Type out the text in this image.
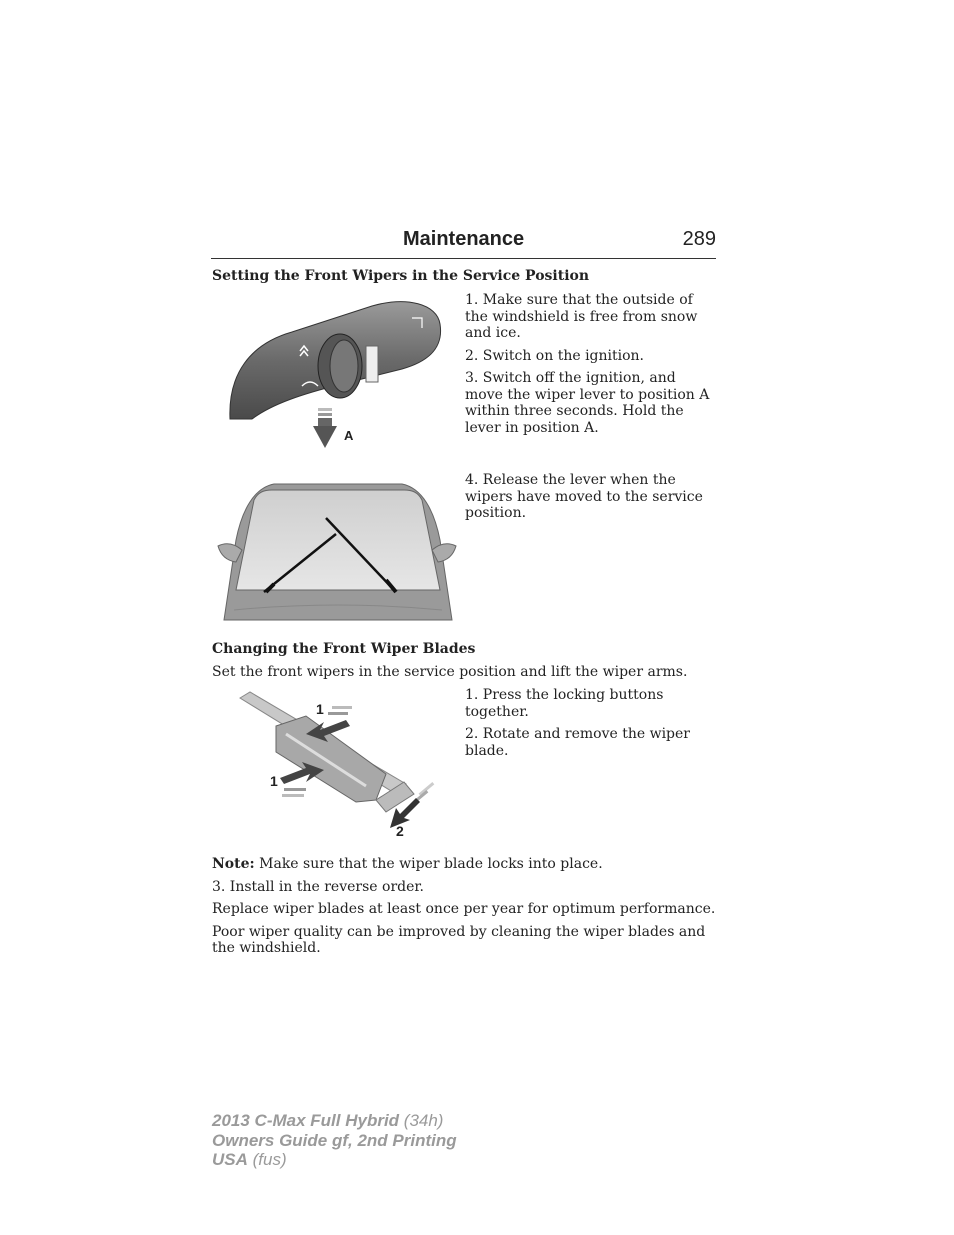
Maintenance	289
Setting the Front Wipers in the Service Position
A

1. Make sure that the outside of the windshield is free from snow and ice.

2. Switch on the ignition.

3. Switch off the ignition, and move the wiper lever to position A within three seconds. Hold the lever in position A.

4. Release the lever when the wipers have moved to the service position.

Changing the Front Wiper Blades
Set the front wipers in the service position and lift the wiper arms.
1
1
2

1. Press the locking buttons together.

2. Rotate and remove the wiper blade.

Note: Make sure that the wiper blade locks into place.

3. Install in the reverse order.

Replace wiper blades at least once per year for optimum performance.

Poor wiper quality can be improved by cleaning the wiper blades and the windshield.

2013 C-Max Full Hybrid (34h)
Owners Guide gf, 2nd Printing
USA (fus)
